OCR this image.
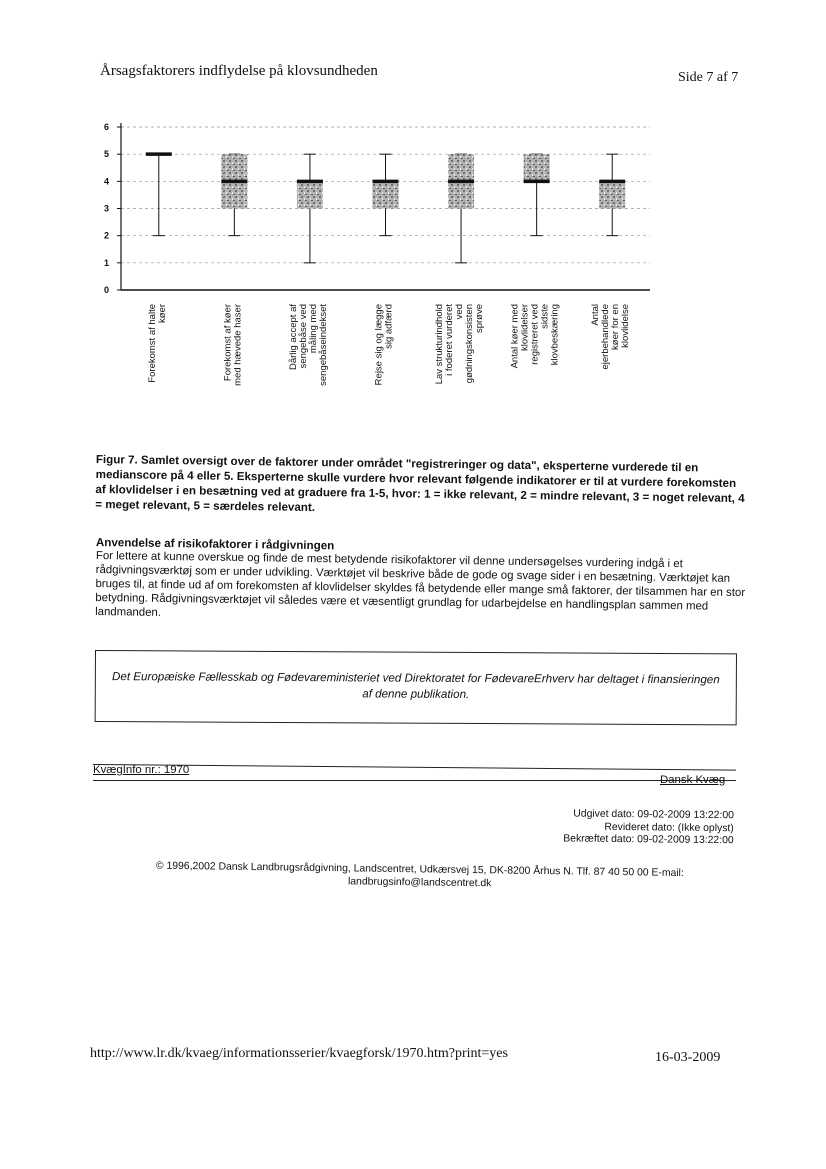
Årsagsfaktorers indflydelse på klovsundheden	Side 7 af 7
0
1
2
3
4
5
6
Forekomst af haltekøer	Forekomst af køermed hævede haser	Dårlig accept afsengebåse vedmåling medsengebåseindekset	Rejse sig og læggesig adfærd	Lav strukturindholdi foderet vurderetvedgødningskonsistensprøve	Antal køer medklovlidelserregistreret vedsidsteklovbeskæring	Antalejerbehandledekøer for enklovlidelse
Figur 7. Samlet oversigt over de faktorer under området "registreringer og data", eksperterne vurderede til en medianscore på 4 eller 5. Eksperterne skulle vurdere hvor relevant følgende indikatorer er til at vurdere forekomsten af klovlidelser i en besætning ved at graduere fra 1-5, hvor: 1 = ikke relevant, 2 = mindre relevant, 3 = noget relevant, 4 = meget relevant, 5 = særdeles relevant.
Anvendelse af risikofaktorer i rådgivningen
For lettere at kunne overskue og finde de mest betydende risikofaktorer vil denne undersøgelses vurdering indgå i et rådgivningsværktøj som er under udvikling. Værktøjet vil beskrive både de gode og svage sider i en besætning. Værktøjet kan bruges til, at finde ud af om forekomsten af klovlidelser skyldes få betydende eller mange små faktorer, der tilsammen har en stor betydning. Rådgivningsværktøjet vil således være et væsentligt grundlag for udarbejdelse en handlingsplan sammen med landmanden.
Det Europæiske Fællesskab og Fødevareministeriet ved Direktoratet for FødevareErhverv har deltaget i finansieringen af denne publikation.
KvægInfo nr.: 1970
Dansk Kvæg
Udgivet dato: 09-02-2009 13:22:00
Revideret dato: (Ikke oplyst)
Bekræftet dato: 09-02-2009 13:22:00
© 1996,2002 Dansk Landbrugsrådgivning, Landscentret, Udkærsvej 15, DK-8200 Århus N. Tlf. 87 40 50 00 E-mail: landbrugsinfo@landscentret.dk
http://www.lr.dk/kvaeg/informationsserier/kvaegforsk/1970.htm?print=yes	16-03-2009
